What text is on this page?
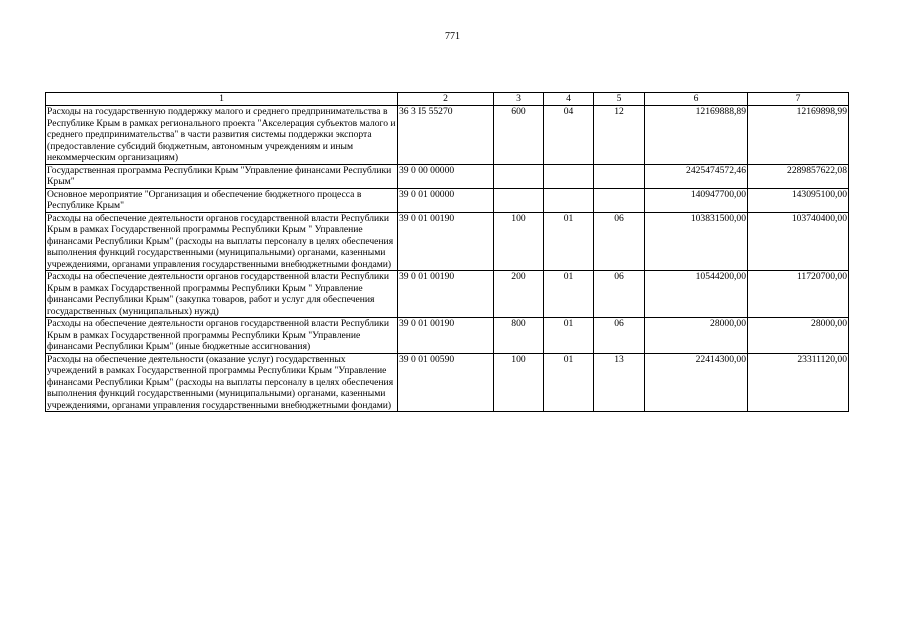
771
1	2	3	4	5	6	7
Расходы на государственную поддержку малого и среднего предпринимательства в Республике Крым в рамках регионального проекта "Акселерация субъектов малого и среднего предпринимательства" в части развития системы поддержки экспорта (предоставление субсидий бюджетным, автономным учреждениям и иным некоммерческим организациям)	36 3 I5 55270	600	04	12	12169888,89	12169898,99
Государственная программа Республики Крым "Управление финансами Республики Крым"	39 0 00 00000				2425474572,46	2289857622,08
Основное мероприятие "Организация и обеспечение бюджетного процесса в Республике Крым"	39 0 01 00000				140947700,00	143095100,00
Расходы на обеспечение деятельности органов государственной власти Республики Крым в рамках Государственной программы Республики Крым " Управление финансами Республики Крым" (расходы на выплаты персоналу в целях обеспечения выполнения функций государственными (муниципальными) органами, казенными учреждениями, органами управления государственными внебюджетными фондами)	39 0 01 00190	100	01	06	103831500,00	103740400,00
Расходы на обеспечение деятельности органов государственной власти Республики Крым в рамках Государственной программы Республики Крым " Управление финансами Республики Крым" (закупка товаров, работ и услуг для обеспечения государственных (муниципальных) нужд)	39 0 01 00190	200	01	06	10544200,00	11720700,00
Расходы на обеспечение деятельности органов государственной власти Республики Крым в рамках Государственной программы Республики Крым "Управление финансами Республики Крым" (иные бюджетные ассигнования)	39 0 01 00190	800	01	06	28000,00	28000,00
Расходы на обеспечение деятельности (оказание услуг) государственных учреждений в рамках Государственной программы Республики Крым "Управление финансами Республики Крым" (расходы на выплаты персоналу в целях обеспечения выполнения функций государственными (муниципальными) органами, казенными учреждениями, органами управления государственными внебюджетными фондами)	39 0 01 00590	100	01	13	22414300,00	23311120,00
